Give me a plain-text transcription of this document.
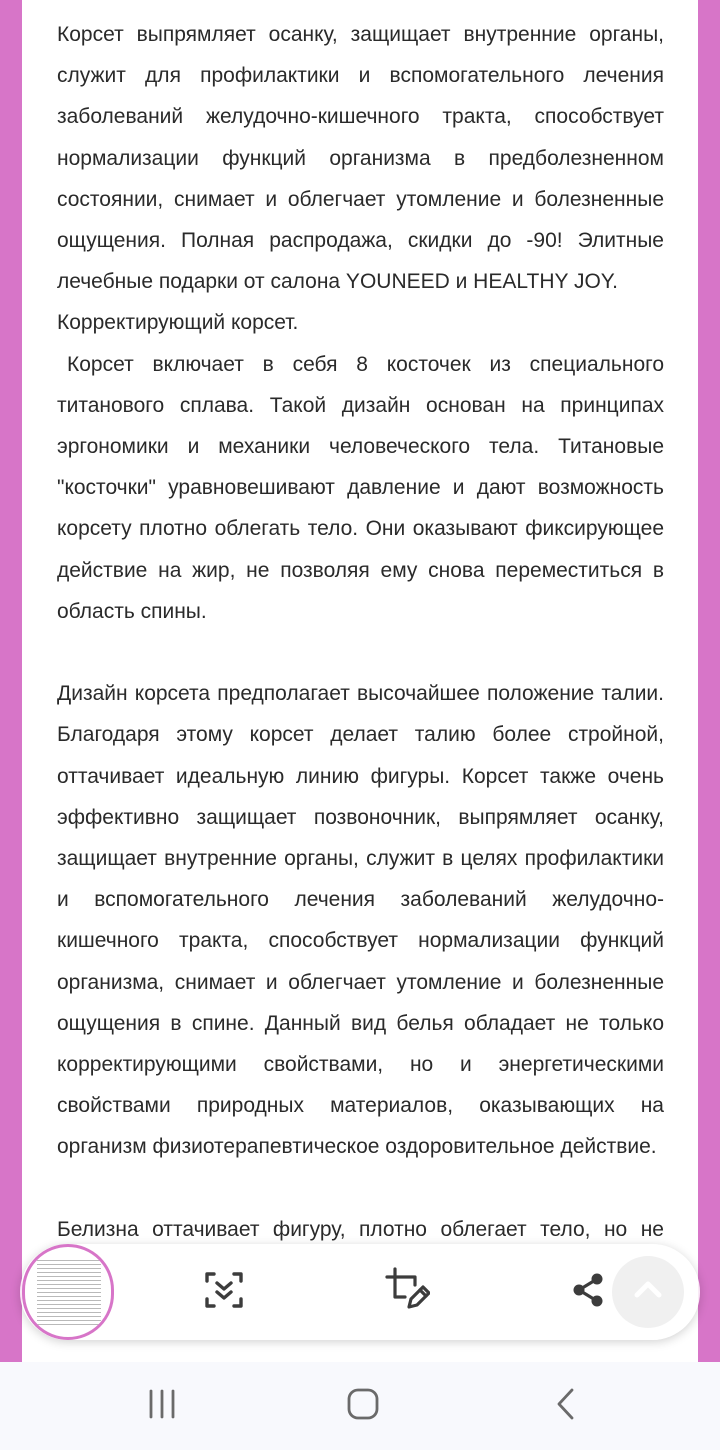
Корсет выпрямляет осанку, защищает внутренние органы, служит для профилактики и вспомогательного лечения заболеваний желудочно-кишечного тракта, способствует нормализации функций организма в предболезненном состоянии, снимает и облегчает утомление и болезненные ощущения. Полная распродажа, скидки до -90! Элитные лечебные подарки от салона YOUNEED и HEALTHY JOY.

Корректирующий корсет.

Корсет включает в себя 8 косточек из специального титанового сплава. Такой дизайн основан на принципах эргономики и механики человеческого тела. Титановые "косточки" уравновешивают давление и дают возможность корсету плотно облегать тело. Они оказывают фиксирующее действие на жир, не позволяя ему снова переместиться в область спины.

Дизайн корсета предполагает высочайшее положение талии. Благодаря этому корсет делает талию более стройной, оттачивает идеальную линию фигуры. Корсет также очень эффективно защищает позвоночник, выпрямляет осанку, защищает внутренние органы, служит в целях профилактики и вспомогательного лечения заболеваний желудочно-кишечного тракта, способствует нормализации функций организма, снимает и облегчает утомление и болезненные ощущения в спине. Данный вид белья обладает не только корректирующими свойствами, но и энергетическими свойствами природных материалов, оказывающих на организм физиотерапевтическое оздоровительное действие.

Белизна оттачивает фигуру, плотно облегает тело, но не
